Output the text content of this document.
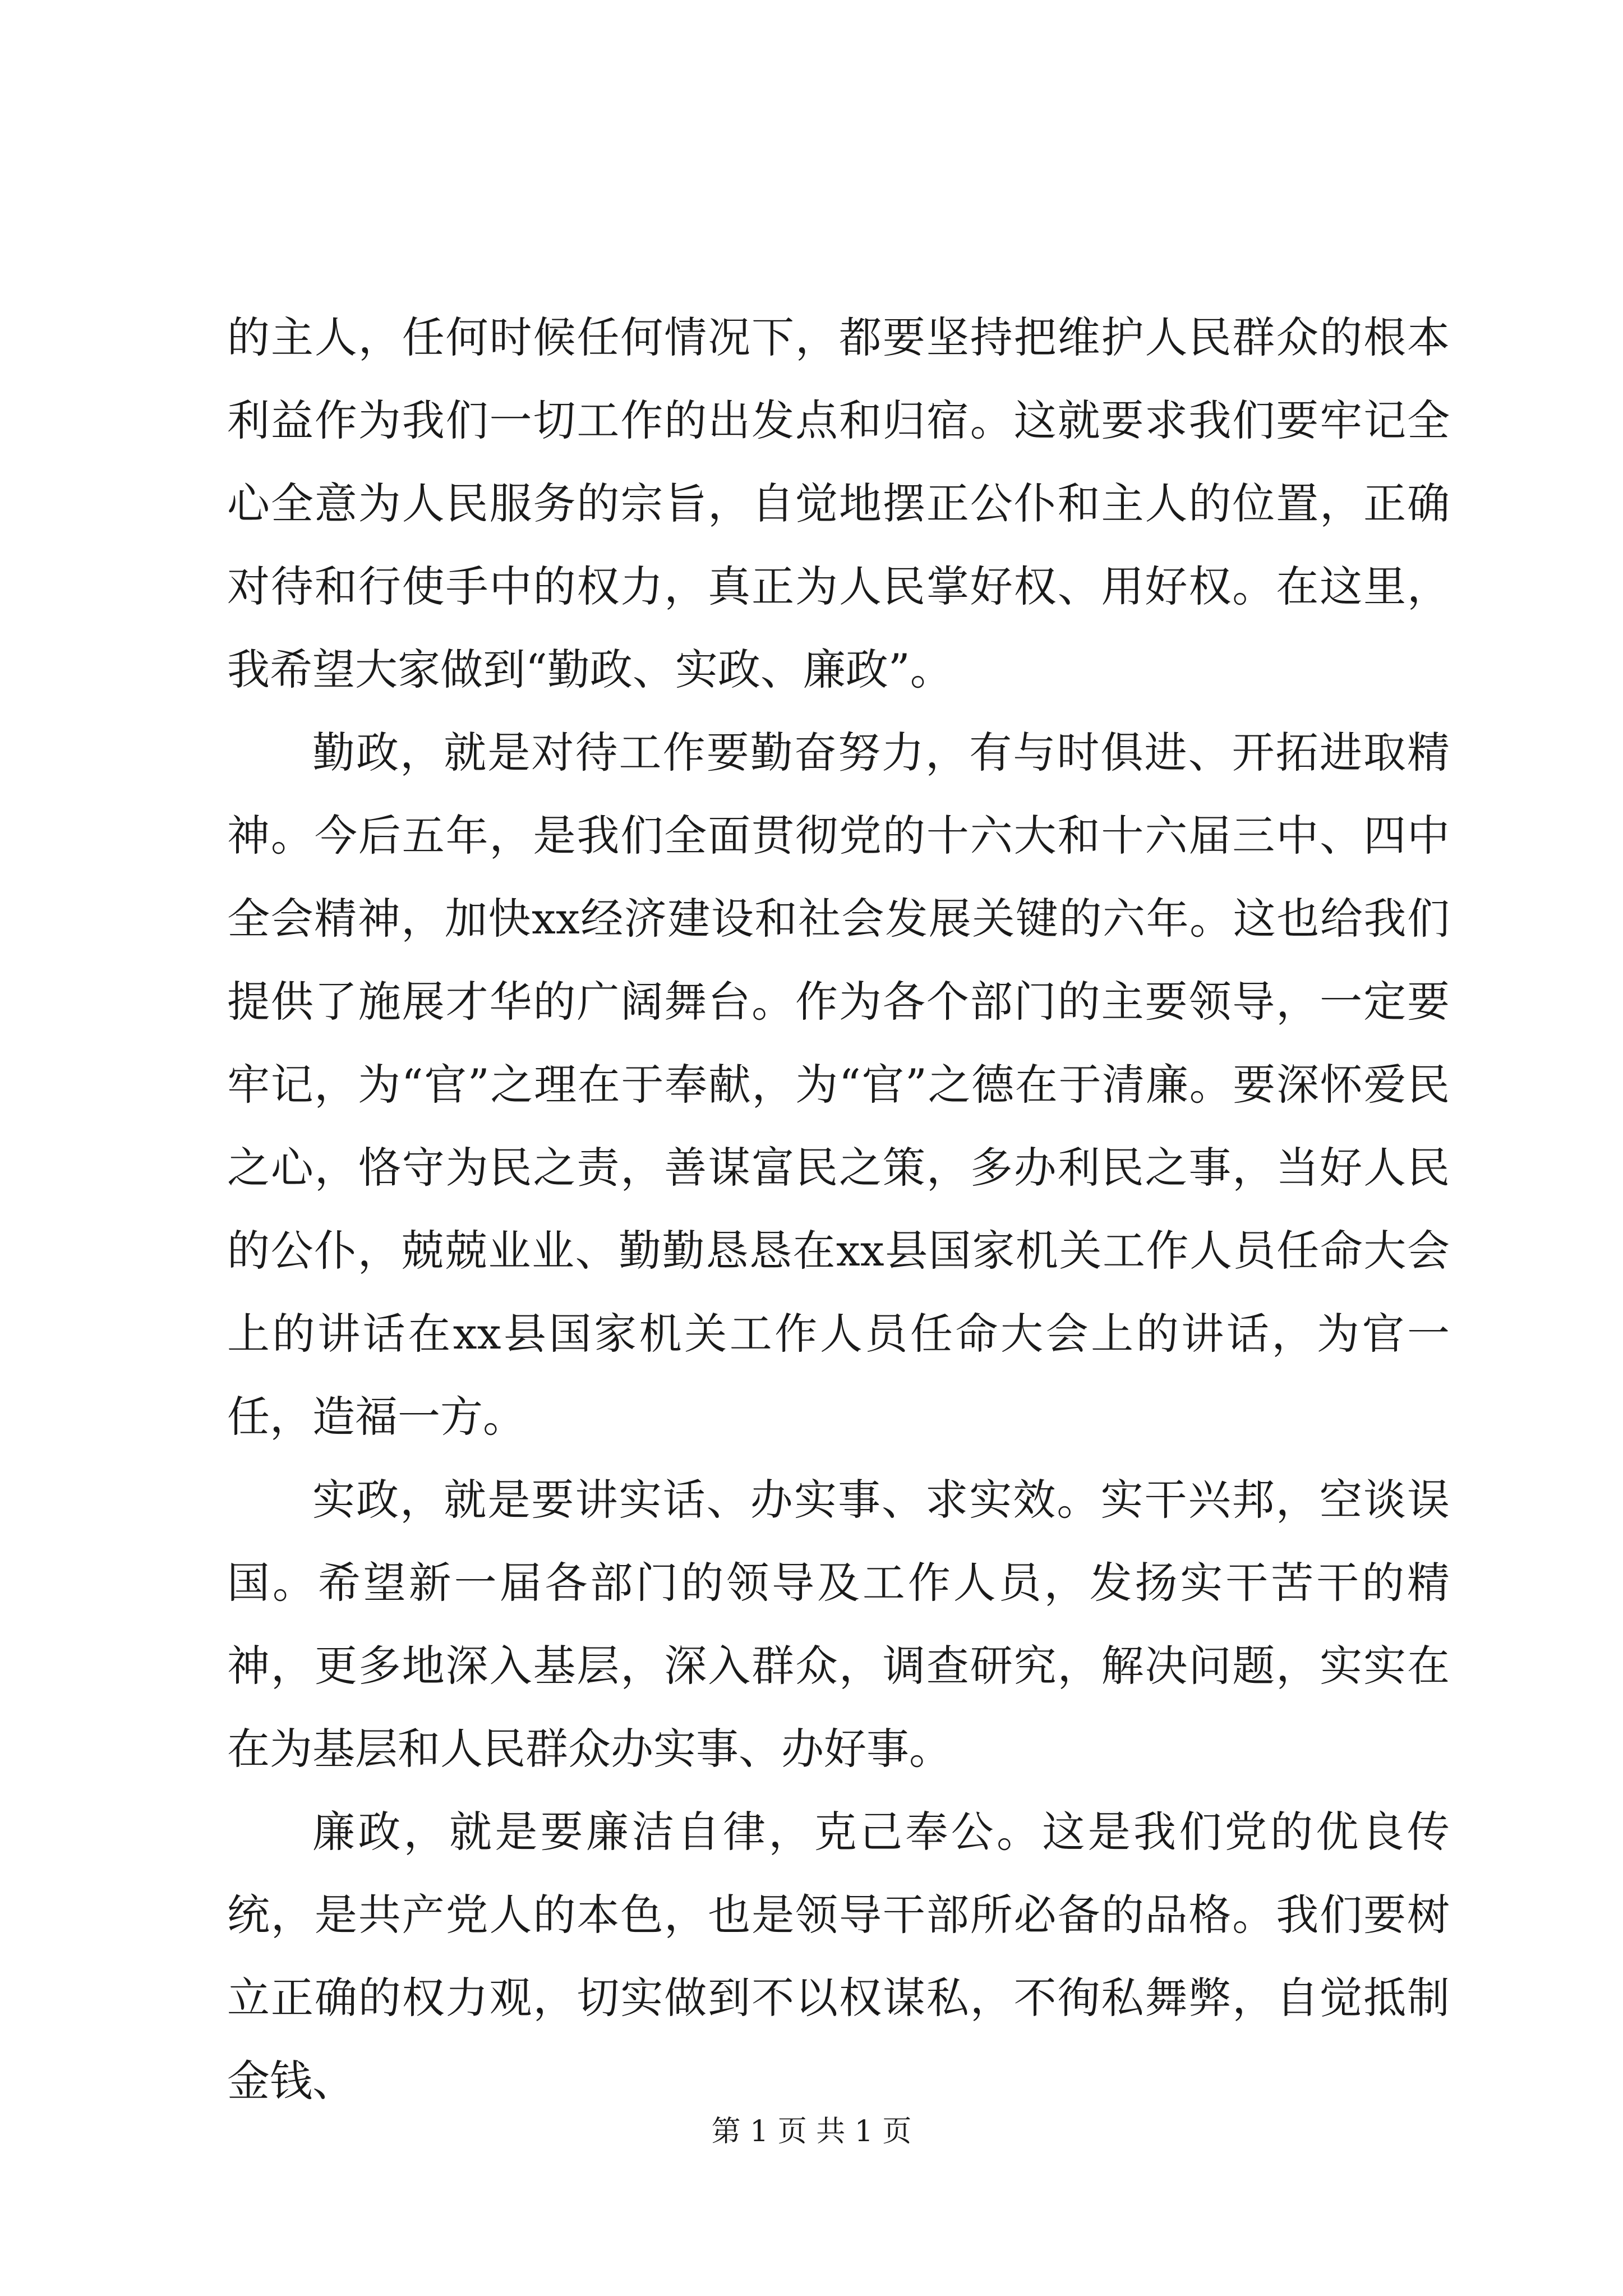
的主人，任何时候任何情况下，都要坚持把维护人民群众的根本利益作为我们一切工作的出发点和归宿。这就要求我们要牢记全心全意为人民服务的宗旨，自觉地摆正公仆和主人的位置，正确对待和行使手中的权力，真正为人民掌好权、用好权。在这里，我希望大家做到“勤政、实政、廉政”。

勤政，就是对待工作要勤奋努力，有与时俱进、开拓进取精神。今后五年，是我们全面贯彻党的十六大和十六届三中、四中全会精神，加快xx经济建设和社会发展关键的六年。这也给我们提供了施展才华的广阔舞台。作为各个部门的主要领导，一定要牢记，为“官”之理在于奉献，为“官”之德在于清廉。要深怀爱民之心，恪守为民之责，善谋富民之策，多办利民之事，当好人民的公仆，兢兢业业、勤勤恳恳在xx县国家机关工作人员任命大会上的讲话在xx县国家机关工作人员任命大会上的讲话，为官一任，造福一方。

实政，就是要讲实话、办实事、求实效。实干兴邦，空谈误国。希望新一届各部门的领导及工作人员，发扬实干苦干的精神，更多地深入基层，深入群众，调查研究，解决问题，实实在在为基层和人民群众办实事、办好事。

廉政，就是要廉洁自律，克己奉公。这是我们党的优良传统，是共产党人的本色，也是领导干部所必备的品格。我们要树立正确的权力观，切实做到不以权谋私，不徇私舞弊，自觉抵制金钱、

第 1 页 共 1 页
